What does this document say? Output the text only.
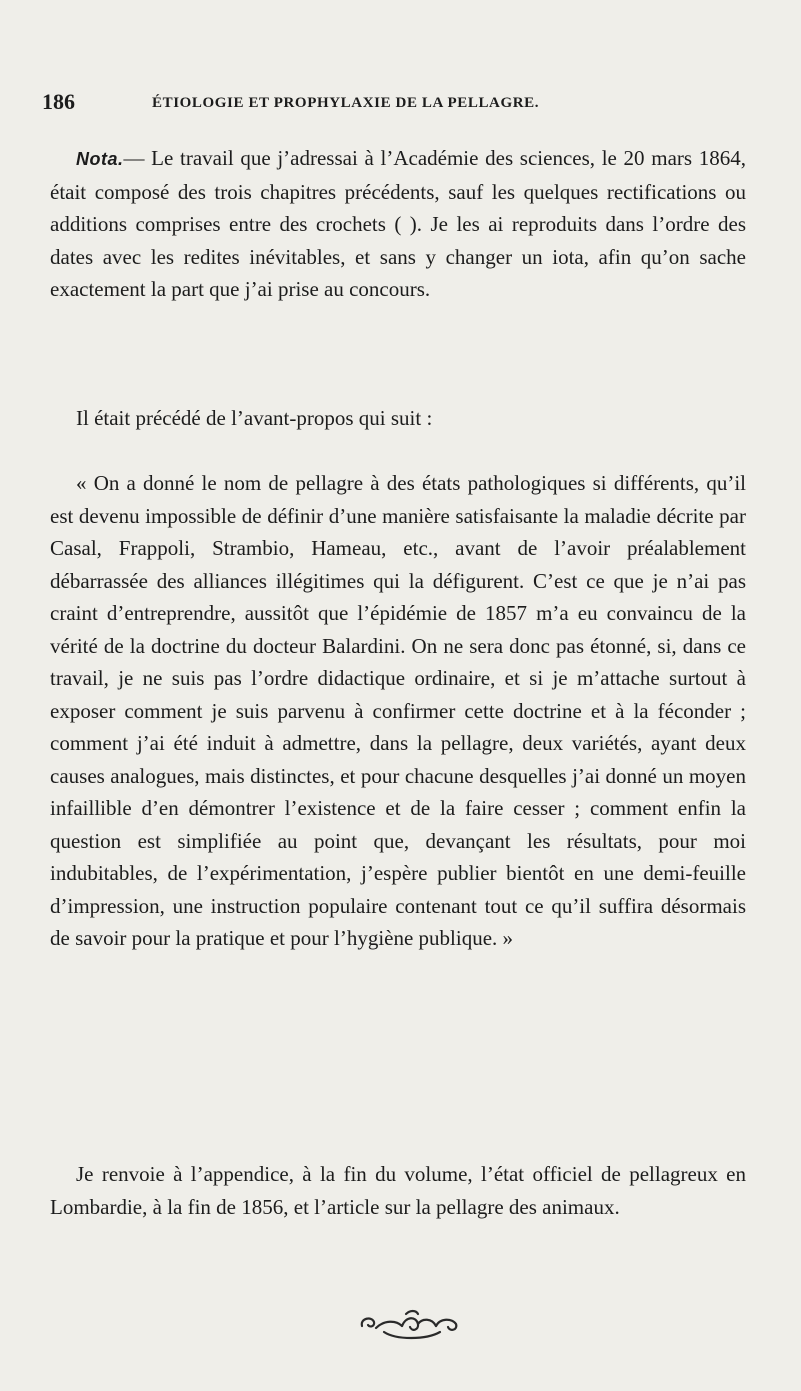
186	ÉTIOLOGIE ET PROPHYLAXIE DE LA PELLAGRE.

Nota.— Le travail que j’adressai à l’Académie des sciences, le 20 mars 1864, était composé des trois chapitres précédents, sauf les quelques rectifications ou additions comprises entre des crochets ( ). Je les ai reproduits dans l’ordre des dates avec les redites inévitables, et sans y changer un iota, afin qu’on sache exactement la part que j’ai prise au concours.

Il était précédé de l’avant-propos qui suit :

« On a donné le nom de pellagre à des états pathologiques si différents, qu’il est devenu impossible de définir d’une manière satisfaisante la maladie décrite par Casal, Frappoli, Strambio, Hameau, etc., avant de l’avoir préalablement débarrassée des alliances illégitimes qui la défigurent. C’est ce que je n’ai pas craint d’entreprendre, aussitôt que l’épidémie de 1857 m’a eu convaincu de la vérité de la doctrine du docteur Balardini. On ne sera donc pas étonné, si, dans ce travail, je ne suis pas l’ordre didactique ordinaire, et si je m’attache surtout à exposer comment je suis parvenu à confirmer cette doctrine et à la féconder ; comment j’ai été induit à admettre, dans la pellagre, deux variétés, ayant deux causes analogues, mais distinctes, et pour chacune desquelles j’ai donné un moyen infaillible d’en démontrer l’existence et de la faire cesser ; comment enfin la question est simplifiée au point que, devançant les résultats, pour moi indubitables, de l’expérimentation, j’espère publier bientôt en une demi-feuille d’impression, une instruction populaire contenant tout ce qu’il suffira désormais de savoir pour la pratique et pour l’hygiène publique. »

Je renvoie à l’appendice, à la fin du volume, l’état officiel de pellagreux en Lombardie, à la fin de 1856, et l’article sur la pellagre des animaux.
